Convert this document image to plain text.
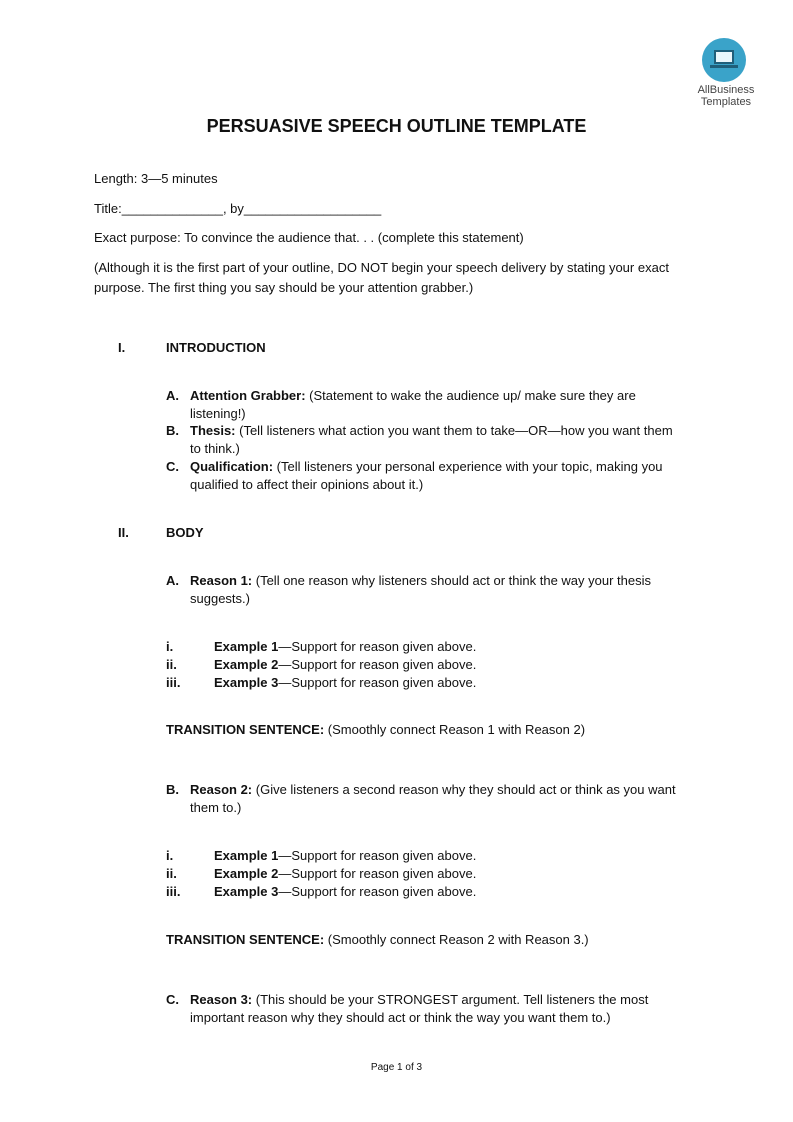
AllBusiness
Templates
PERSUASIVE SPEECH OUTLINE TEMPLATE
Length: 3—5 minutes
Title:______________, by___________________
Exact purpose: To convince the audience that. . . (complete this statement)
(Although it is the first part of your outline, DO NOT begin your speech delivery by stating your exact
purpose. The first thing you say should be your attention grabber.)
I.	INTRODUCTION
A. Attention Grabber: (Statement to wake the audience up/ make sure they are
listening!)
B. Thesis: (Tell listeners what action you want them to take—OR—how you want them
to think.)
C. Qualification: (Tell listeners your personal experience with your topic, making you
qualified to affect their opinions about it.)
II.	BODY
A. Reason 1: (Tell one reason why listeners should act or think the way your thesis
suggests.)
i.	Example 1—Support for reason given above.
ii.	Example 2—Support for reason given above.
iii.	Example 3—Support for reason given above.
TRANSITION SENTENCE: (Smoothly connect Reason 1 with Reason 2)
B. Reason 2: (Give listeners a second reason why they should act or think as you want
them to.)
i.	Example 1—Support for reason given above.
ii.	Example 2—Support for reason given above.
iii.	Example 3—Support for reason given above.
TRANSITION SENTENCE: (Smoothly connect Reason 2 with Reason 3.)
C. Reason 3: (This should be your STRONGEST argument. Tell listeners the most
important reason why they should act or think the way you want them to.)
Page 1 of 3
